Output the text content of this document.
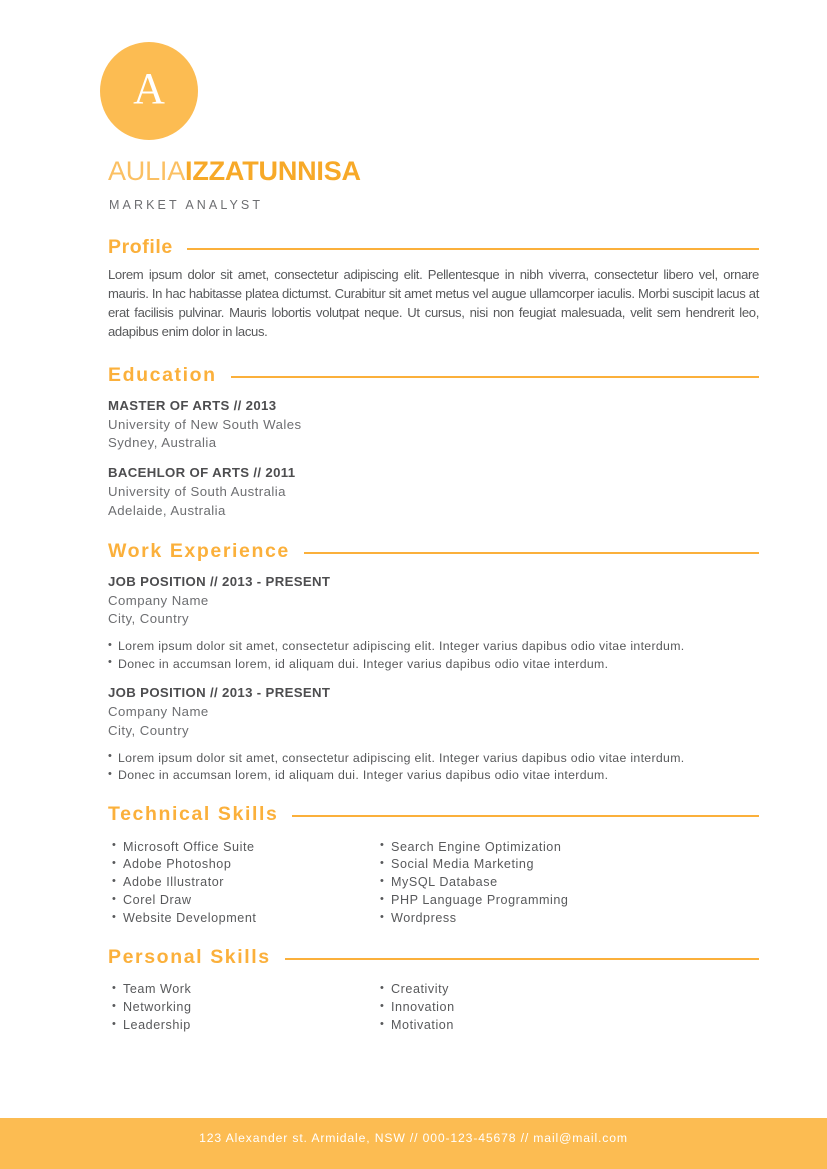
A
AULIAIZZATUNNISA
MARKET ANALYST
Profile

Lorem ipsum dolor sit amet, consectetur adipiscing elit. Pellentesque in nibh viverra, consectetur libero vel, ornare mauris. In hac habitasse platea dictumst. Curabitur sit amet metus vel augue ullamcorper iaculis. Morbi suscipit lacus at erat facilisis pulvinar. Mauris lobortis volutpat neque. Ut cursus, nisi non feugiat malesuada, velit sem hendrerit leo, adapibus enim dolor in lacus.

Education
MASTER OF ARTS // 2013
University of New South Wales
Sydney, Australia
BACEHLOR OF ARTS // 2011
University of South Australia
Adelaide, Australia
Work Experience
JOB POSITION // 2013 - PRESENT
Company Name
City, Country
• Lorem ipsum dolor sit amet, consectetur adipiscing elit. Integer varius dapibus odio vitae interdum.
• Donec in accumsan lorem, id aliquam dui. Integer varius dapibus odio vitae interdum.
JOB POSITION // 2013 - PRESENT
Company Name
City, Country
• Lorem ipsum dolor sit amet, consectetur adipiscing elit. Integer varius dapibus odio vitae interdum.
• Donec in accumsan lorem, id aliquam dui. Integer varius dapibus odio vitae interdum.
Technical Skills
• Microsoft Office Suite
• Adobe Photoshop
• Adobe Illustrator
• Corel Draw
• Website Development
• Search Engine Optimization
• Social Media Marketing
• MySQL Database
• PHP Language Programming
• Wordpress
Personal Skills
• Team Work
• Networking
• Leadership
• Creativity
• Innovation
• Motivation
123 Alexander st. Armidale, NSW // 000-123-45678 // mail@mail.com
